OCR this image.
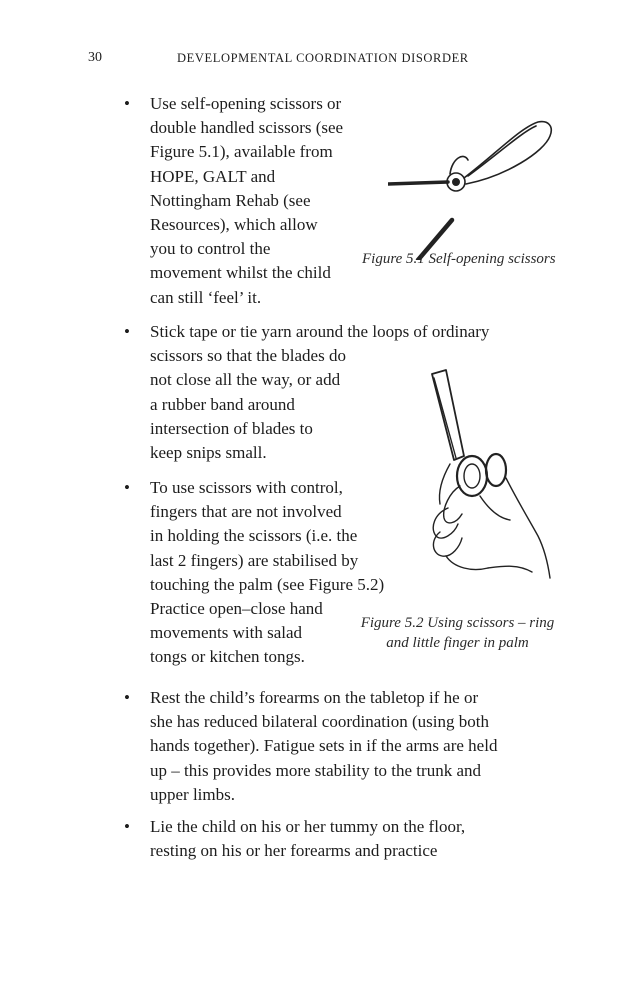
30	DEVELOPMENTAL COORDINATION DISORDER
• Use self-opening scissors or
double handled scissors (see
Figure 5.1), available from
HOPE, GALT and
Nottingham Rehab (see
Resources), which allow
you to control the
movement whilst the child
can still ‘feel’ it.
Figure 5.1 Self-opening scissors
• Stick tape or tie yarn around the loops of ordinary
scissors so that the blades do
not close all the way, or add
a rubber band around
intersection of blades to
keep snips small.
• To use scissors with control,
fingers that are not involved
in holding the scissors (i.e. the
last 2 fingers) are stabilised by
touching the palm (see Figure 5.2)
Practice open–close hand
movements with salad
tongs or kitchen tongs.
Figure 5.2 Using scissors – ring
and little finger in palm
• Rest the child’s forearms on the tabletop if he or
she has reduced bilateral coordination (using both
hands together). Fatigue sets in if the arms are held
up – this provides more stability to the trunk and
upper limbs.
• Lie the child on his or her tummy on the floor,
resting on his or her forearms and practice
